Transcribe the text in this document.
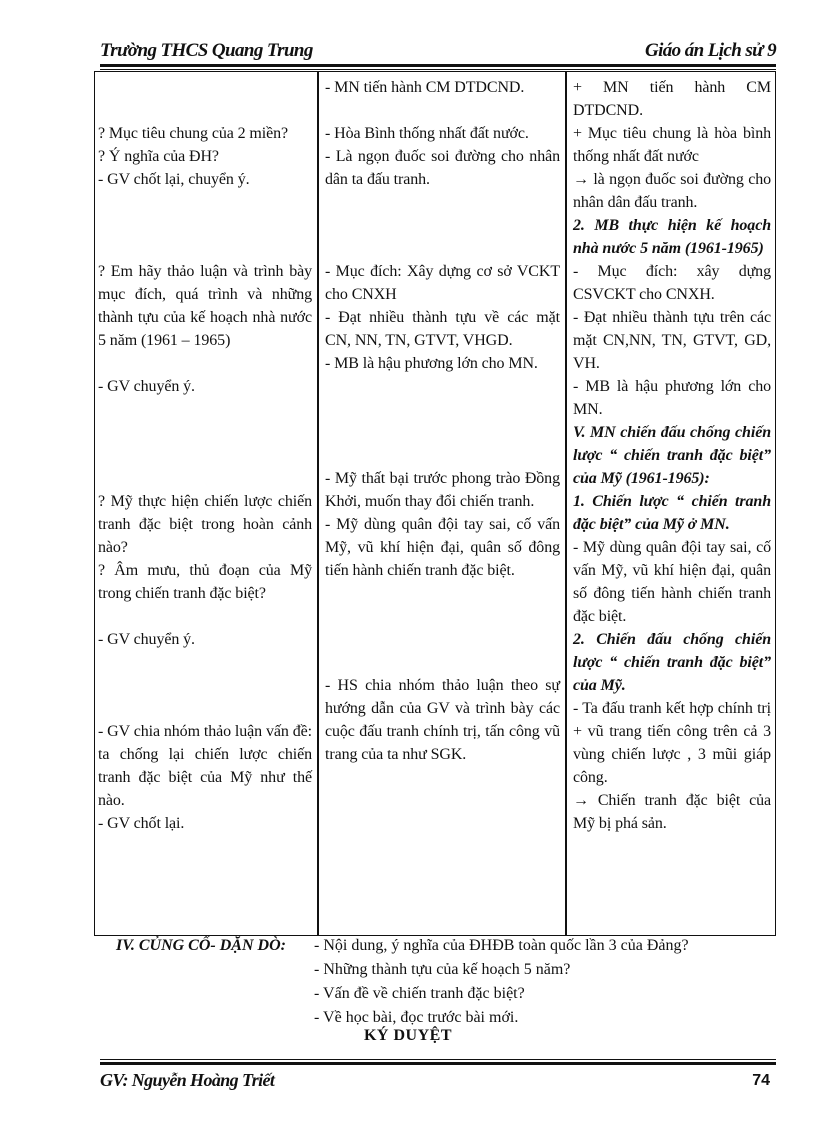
Trường THCS Quang Trung	Giáo án Lịch sử 9

? Mục tiêu chung của 2 miền?

? Ý nghĩa của ĐH?

- GV chốt lại, chuyển ý.

? Em hãy thảo luận và trình bày mục đích, quá trình và những thành tựu của kế hoạch nhà nước 5 năm (1961 – 1965)

- GV chuyển ý.

? Mỹ thực hiện chiến lược chiến tranh đặc biệt trong hoàn cảnh nào?

? Âm mưu, thủ đoạn của Mỹ trong chiến tranh đặc biệt?

- GV chuyển ý.

- GV chia nhóm thảo luận vấn đề: ta chống lại chiến lược chiến tranh đặc biệt của Mỹ như thế nào.

- GV chốt lại.

- MN tiến hành CM DTDCND.

- Hòa Bình thống nhất đất nước.

- Là ngọn đuốc soi đường cho nhân dân ta đấu tranh.

- Mục đích: Xây dựng cơ sở VCKT cho CNXH

- Đạt nhiều thành tựu về các mặt CN, NN, TN, GTVT, VHGD.

- MB là hậu phương lớn cho MN.

- Mỹ thất bại trước phong trào Đồng Khởi, muốn thay đổi chiến tranh.

- Mỹ dùng quân đội tay sai, cố vấn Mỹ, vũ khí hiện đại, quân số đông tiến hành chiến tranh đặc biệt.

- HS chia nhóm thảo luận theo sự hướng dẫn của GV và trình bày các cuộc đấu tranh chính trị, tấn công vũ trang của ta như SGK.

+ MN tiến hành CM DTDCND.

+ Mục tiêu chung là hòa bình thống nhất đất nước

→ là ngọn đuốc soi đường cho nhân dân đấu tranh.

2. MB thực hiện kế hoạch nhà nước 5 năm (1961-1965)

- Mục đích: xây dựng CSVCKT cho CNXH.

- Đạt nhiều thành tựu trên các mặt CN,NN, TN, GTVT, GD, VH.

- MB là hậu phương lớn cho MN.

V. MN chiến đấu chống chiến lược “ chiến tranh đặc biệt” của Mỹ (1961-1965):

1. Chiến lược “ chiến tranh đặc biệt” của Mỹ ở MN.

- Mỹ dùng quân đội tay sai, cố vấn Mỹ, vũ khí hiện đại, quân số đông tiến hành chiến tranh đặc biệt.

2. Chiến đấu chống chiến lược “ chiến tranh đặc biệt” của Mỹ.

- Ta đấu tranh kết hợp chính trị + vũ trang tiến công trên cả 3 vùng chiến lược , 3 mũi giáp công.

→ Chiến tranh đặc biệt của Mỹ bị phá sản.

IV. CỦNG CỐ- DẶN DÒ: - Nội dung, ý nghĩa của ĐHĐB toàn quốc lần 3 của Đảng?
- Những thành tựu của kế hoạch 5 năm?
- Vấn đề về chiến tranh đặc biệt?
- Về học bài, đọc trước bài mới.
KÝ DUYỆT
GV: Nguyễn Hoàng Triết	74
